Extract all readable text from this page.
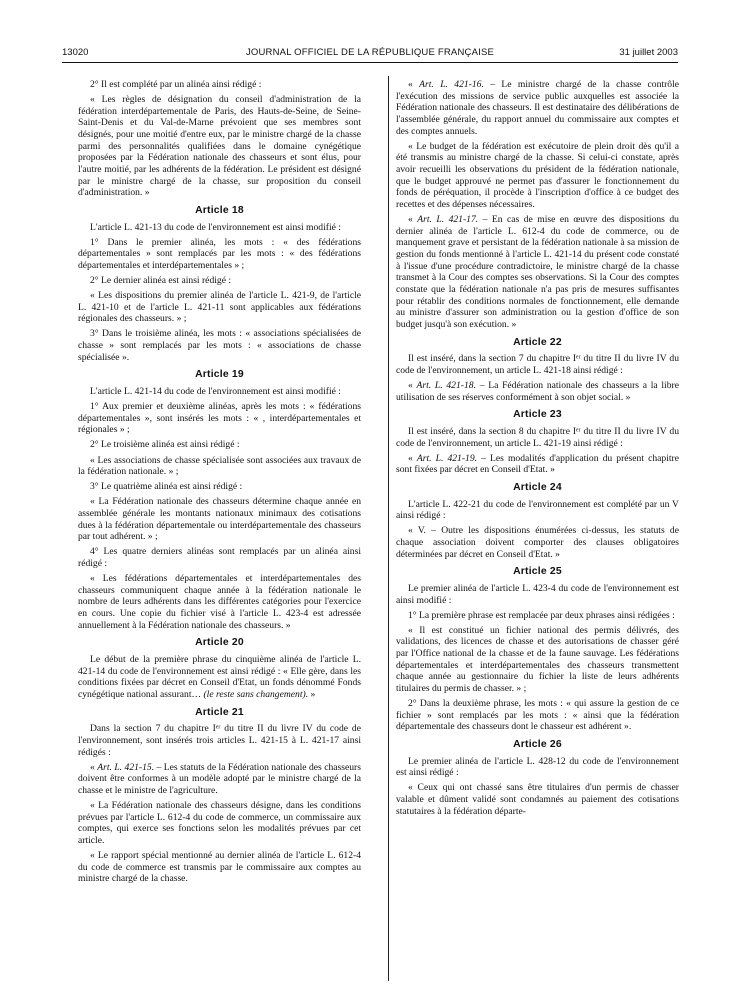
13020	JOURNAL OFFICIEL DE LA RÉPUBLIQUE FRANÇAISE	31 juillet 2003

2° Il est complété par un alinéa ainsi rédigé :

« Les règles de désignation du conseil d'administration de la fédération interdépartementale de Paris, des Hauts-de-Seine, de Seine-Saint-Denis et du Val-de-Marne prévoient que ses membres sont désignés, pour une moitié d'entre eux, par le ministre chargé de la chasse parmi des personnalités qualifiées dans le domaine cynégétique proposées par la Fédération nationale des chasseurs et sont élus, pour l'autre moitié, par les adhérents de la fédération. Le président est désigné par le ministre chargé de la chasse, sur proposition du conseil d'administration. »

Article 18

L'article L. 421-13 du code de l'environnement est ainsi modifié :

1° Dans le premier alinéa, les mots : « des fédérations départementales » sont remplacés par les mots : « des fédérations départementales et interdépartementales » ;

2° Le dernier alinéa est ainsi rédigé :

« Les dispositions du premier alinéa de l'article L. 421-9, de l'article L. 421-10 et de l'article L. 421-11 sont applicables aux fédérations régionales des chasseurs. » ;

3° Dans le troisième alinéa, les mots : « associations spécialisées de chasse » sont remplacés par les mots : « associations de chasse spécialisée ».

Article 19

L'article L. 421-14 du code de l'environnement est ainsi modifié :

1° Aux premier et deuxième alinéas, après les mots : « fédérations départementales », sont insérés les mots : « , interdépartementales et régionales » ;

2° Le troisième alinéa est ainsi rédigé :

« Les associations de chasse spécialisée sont associées aux travaux de la fédération nationale. » ;

3° Le quatrième alinéa est ainsi rédigé :

« La Fédération nationale des chasseurs détermine chaque année en assemblée générale les montants nationaux minimaux des cotisations dues à la fédération départementale ou interdépartementale des chasseurs par tout adhérent. » ;

4° Les quatre derniers alinéas sont remplacés par un alinéa ainsi rédigé :

« Les fédérations départementales et interdépartementales des chasseurs communiquent chaque année à la fédération nationale le nombre de leurs adhérents dans les différentes catégories pour l'exercice en cours. Une copie du fichier visé à l'article L. 423-4 est adressée annuellement à la Fédération nationale des chasseurs. »

Article 20

Le début de la première phrase du cinquième alinéa de l'article L. 421-14 du code de l'environnement est ainsi rédigé : « Elle gère, dans les conditions fixées par décret en Conseil d'Etat, un fonds dénommé Fonds cynégétique national assurant… (le reste sans changement). »

Article 21

Dans la section 7 du chapitre Iᵉʳ du titre II du livre IV du code de l'environnement, sont insérés trois articles L. 421-15 à L. 421-17 ainsi rédigés :

« Art. L. 421-15. – Les statuts de la Fédération nationale des chasseurs doivent être conformes à un modèle adopté par le ministre chargé de la chasse et le ministre de l'agriculture.

« La Fédération nationale des chasseurs désigne, dans les conditions prévues par l'article L. 612-4 du code de commerce, un commissaire aux comptes, qui exerce ses fonctions selon les modalités prévues par cet article.

« Le rapport spécial mentionné au dernier alinéa de l'article L. 612-4 du code de commerce est transmis par le commissaire aux comptes au ministre chargé de la chasse.

« Art. L. 421-16. – Le ministre chargé de la chasse contrôle l'exécution des missions de service public auxquelles est associée la Fédération nationale des chasseurs. Il est destinataire des délibérations de l'assemblée générale, du rapport annuel du commissaire aux comptes et des comptes annuels.

« Le budget de la fédération est exécutoire de plein droit dès qu'il a été transmis au ministre chargé de la chasse. Si celui-ci constate, après avoir recueilli les observations du président de la fédération nationale, que le budget approuvé ne permet pas d'assurer le fonctionnement du fonds de péréquation, il procède à l'inscription d'office à ce budget des recettes et des dépenses nécessaires.

« Art. L. 421-17. – En cas de mise en œuvre des dispositions du dernier alinéa de l'article L. 612-4 du code de commerce, ou de manquement grave et persistant de la fédération nationale à sa mission de gestion du fonds mentionné à l'article L. 421-14 du présent code constaté à l'issue d'une procédure contradictoire, le ministre chargé de la chasse transmet à la Cour des comptes ses observations. Si la Cour des comptes constate que la fédération nationale n'a pas pris de mesures suffisantes pour rétablir des conditions normales de fonctionnement, elle demande au ministre d'assurer son administration ou la gestion d'office de son budget jusqu'à son exécution. »

Article 22

Il est inséré, dans la section 7 du chapitre Iᵉʳ du titre II du livre IV du code de l'environnement, un article L. 421-18 ainsi rédigé :

« Art. L. 421-18. – La Fédération nationale des chasseurs a la libre utilisation de ses réserves conformément à son objet social. »

Article 23

Il est inséré, dans la section 8 du chapitre Iᵉʳ du titre II du livre IV du code de l'environnement, un article L. 421-19 ainsi rédigé :

« Art. L. 421-19. – Les modalités d'application du présent chapitre sont fixées par décret en Conseil d'Etat. »

Article 24

L'article L. 422-21 du code de l'environnement est complété par un V ainsi rédigé :

« V. – Outre les dispositions énumérées ci-dessus, les statuts de chaque association doivent comporter des clauses obligatoires déterminées par décret en Conseil d'Etat. »

Article 25

Le premier alinéa de l'article L. 423-4 du code de l'environnement est ainsi modifié :

1° La première phrase est remplacée par deux phrases ainsi rédigées :

« Il est constitué un fichier national des permis délivrés, des validations, des licences de chasse et des autorisations de chasser géré par l'Office national de la chasse et de la faune sauvage. Les fédérations départementales et interdépartementales des chasseurs transmettent chaque année au gestionnaire du fichier la liste de leurs adhérents titulaires du permis de chasser. » ;

2° Dans la deuxième phrase, les mots : « qui assure la gestion de ce fichier » sont remplacés par les mots : « ainsi que la fédération départementale des chasseurs dont le chasseur est adhérent ».

Article 26

Le premier alinéa de l'article L. 428-12 du code de l'environnement est ainsi rédigé :

« Ceux qui ont chassé sans être titulaires d'un permis de chasser valable et dûment validé sont condamnés au paiement des cotisations statutaires à la fédération départe-
